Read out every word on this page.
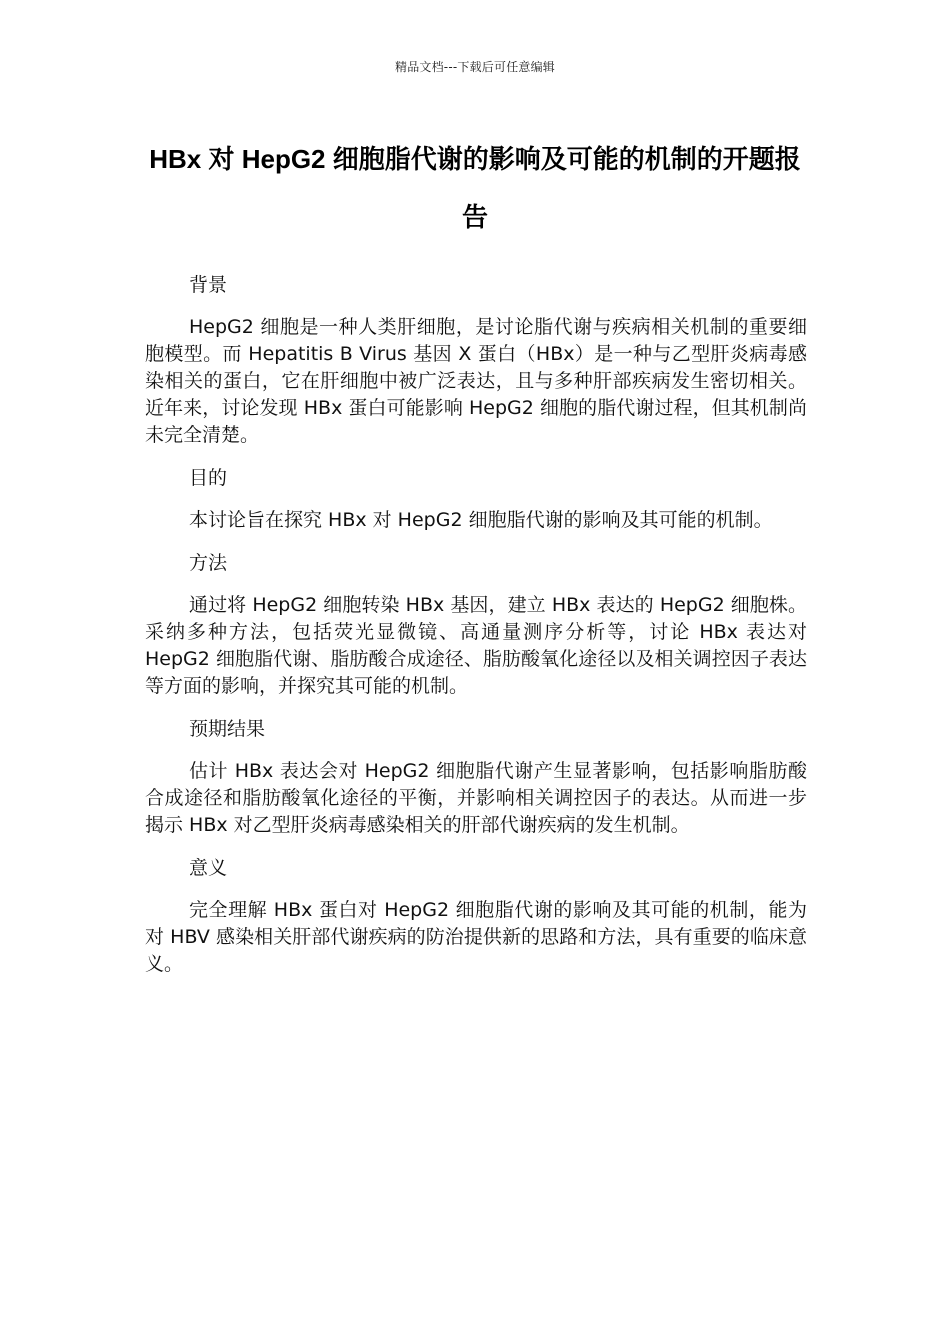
精品文档---下载后可任意编辑
HBx 对 HepG2 细胞脂代谢的影响及可能的机制的开题报告

背景

HepG2 细胞是一种人类肝细胞，是讨论脂代谢与疾病相关机制的重要细胞模型。而 Hepatitis B Virus 基因 X 蛋白（HBx）是一种与乙型肝炎病毒感染相关的蛋白，它在肝细胞中被广泛表达，且与多种肝部疾病发生密切相关。近年来，讨论发现 HBx 蛋白可能影响 HepG2 细胞的脂代谢过程，但其机制尚未完全清楚。

目的

本讨论旨在探究 HBx 对 HepG2 细胞脂代谢的影响及其可能的机制。

方法

通过将 HepG2 细胞转染 HBx 基因，建立 HBx 表达的 HepG2 细胞株。采纳多种方法，包括荧光显微镜、高通量测序分析等，讨论 HBx 表达对 HepG2 细胞脂代谢、脂肪酸合成途径、脂肪酸氧化途径以及相关调控因子表达等方面的影响，并探究其可能的机制。

预期结果

估计 HBx 表达会对 HepG2 细胞脂代谢产生显著影响，包括影响脂肪酸合成途径和脂肪酸氧化途径的平衡，并影响相关调控因子的表达。从而进一步揭示 HBx 对乙型肝炎病毒感染相关的肝部代谢疾病的发生机制。

意义

完全理解 HBx 蛋白对 HepG2 细胞脂代谢的影响及其可能的机制，能为对 HBV 感染相关肝部代谢疾病的防治提供新的思路和方法，具有重要的临床意义。
